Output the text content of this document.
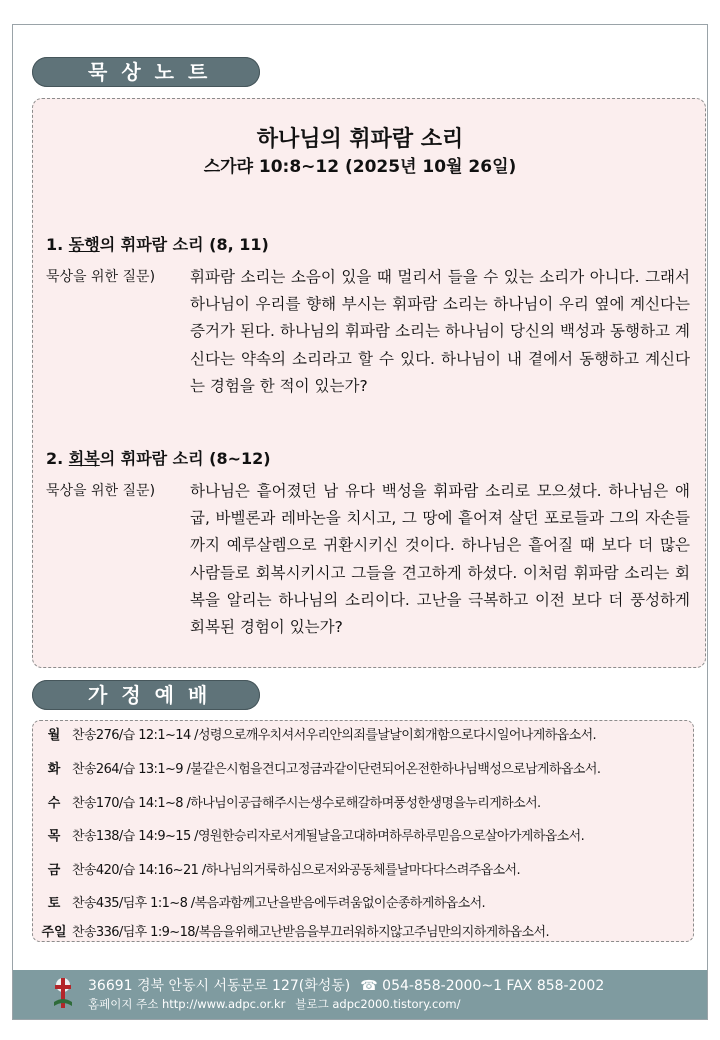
묵상노트
하나님의 휘파람 소리
스가랴 10:8~12 (2025년 10월 26일)
1. 동행의 휘파람 소리 (8, 11)
묵상을 위한 질문) 휘파람 소리는 소음이 있을 때 멀리서 들을 수 있는 소리가 아니다. 그래서 하나님이 우리를 향해 부시는 휘파람 소리는 하나님이 우리 옆에 계신다는 증거가 된다. 하나님의 휘파람 소리는 하나님이 당신의 백성과 동행하고 계신다는 약속의 소리라고 할 수 있다. 하나님이 내 곁에서 동행하고 계신다는 경험을 한 적이 있는가?
2. 회복의 휘파람 소리 (8~12)
묵상을 위한 질문) 하나님은 흩어졌던 남 유다 백성을 휘파람 소리로 모으셨다. 하나님은 애굽, 바벨론과 레바논을 치시고, 그 땅에 흩어져 살던 포로들과 그의 자손들까지 예루살렘으로 귀환시키신 것이다. 하나님은 흩어질 때 보다 더 많은 사람들로 회복시키시고 그들을 견고하게 하셨다. 이처럼 휘파람 소리는 회복을 알리는 하나님의 소리이다. 고난을 극복하고 이전 보다 더 풍성하게 회복된 경험이 있는가?
가정예배
월 찬송276/습 12:1~14 /성령으로깨우치셔서우리안의죄를날날이회개함으로다시일어나게하옵소서.
화 찬송264/습 13:1~9 /불같은시험을견디고정금과같이단련되어온전한하나님백성으로남게하옵소서.
수 찬송170/습 14:1~8 /하나님이공급해주시는생수로해갈하며풍성한생명을누리게하소서.
목 찬송138/습 14:9~15 /영원한승리자로서게될날을고대하며하루하루믿음으로살아가게하옵소서.
금 찬송420/습 14:16~21 /하나님의거룩하심으로저와공동체를날마다다스려주옵소서.
토 찬송435/딤후 1:1~8 /복음과함께고난을받음에두려움없이순종하게하옵소서.
주일 찬송336/딤후 1:9~18/복음을위해고난받음을부끄러워하지않고주님만의지하게하옵소서.
36691 경북 안동시 서동문로 127(화성동) ☎ 054-858-2000~1 FAX 858-2002
홈페이지 주소 http://www.adpc.or.kr 블로그 adpc2000.tistory.com/
